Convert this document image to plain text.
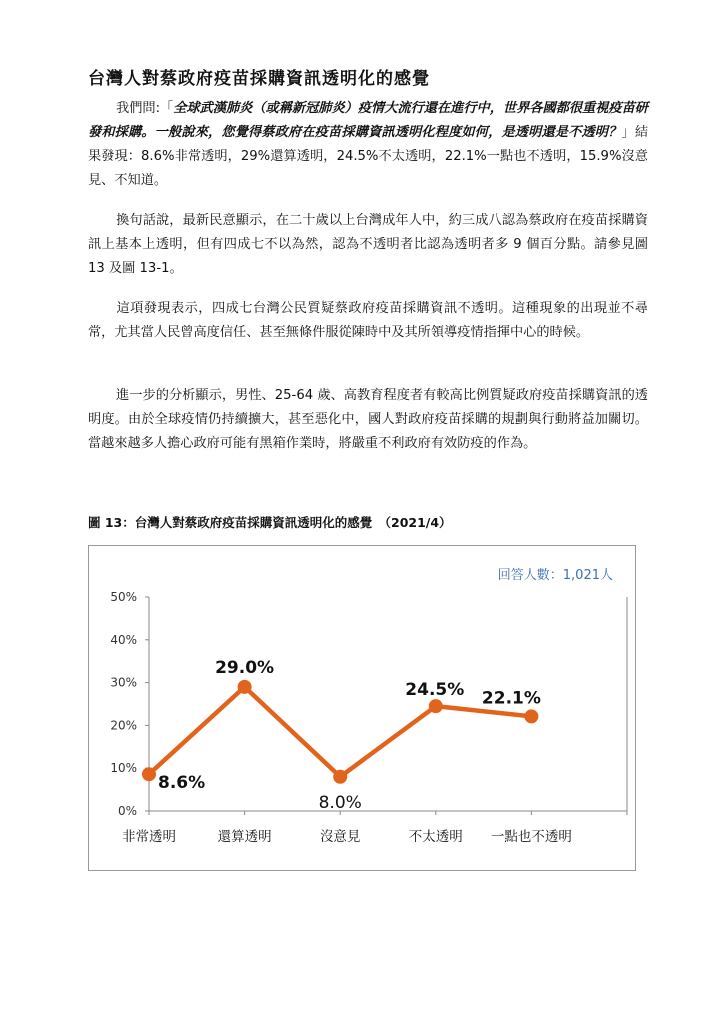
台灣人對蔡政府疫苗採購資訊透明化的感覺

我們問:「全球武漢肺炎（或稱新冠肺炎）疫情大流行還在進行中，世界各國都很重視疫苗研發和採購。一般說來，您覺得蔡政府在疫苗採購資訊透明化程度如何，是透明還是不透明？」結果發現：8.6%非常透明，29%還算透明，24.5%不太透明，22.1%一點也不透明，15.9%沒意見、不知道。

換句話說，最新民意顯示，在二十歲以上台灣成年人中，約三成八認為蔡政府在疫苗採購資訊上基本上透明，但有四成七不以為然，認為不透明者比認為透明者多 9 個百分點。請參見圖 13 及圖 13-1。

這項發現表示，四成七台灣公民質疑蔡政府疫苗採購資訊不透明。這種現象的出現並不尋常，尤其當人民曾高度信任、甚至無條件服從陳時中及其所領導疫情指揮中心的時候。

進一步的分析顯示，男性、25-64 歲、高教育程度者有較高比例質疑政府疫苗採購資訊的透明度。由於全球疫情仍持續擴大，甚至惡化中，國人對政府疫苗採購的規劃與行動將益加關切。當越來越多人擔心政府可能有黑箱作業時，將嚴重不利政府有效防疫的作為。

圖 13：台灣人對蔡政府疫苗採購資訊透明化的感覺　（2021/4）

回答人數：1,021人
0%
10%
20%
30%
40%
50%
非常透明	還算透明	沒意見	不太透明 一點也不透明
8.6%
29.0%
8.0%
24.5% 22.1%
